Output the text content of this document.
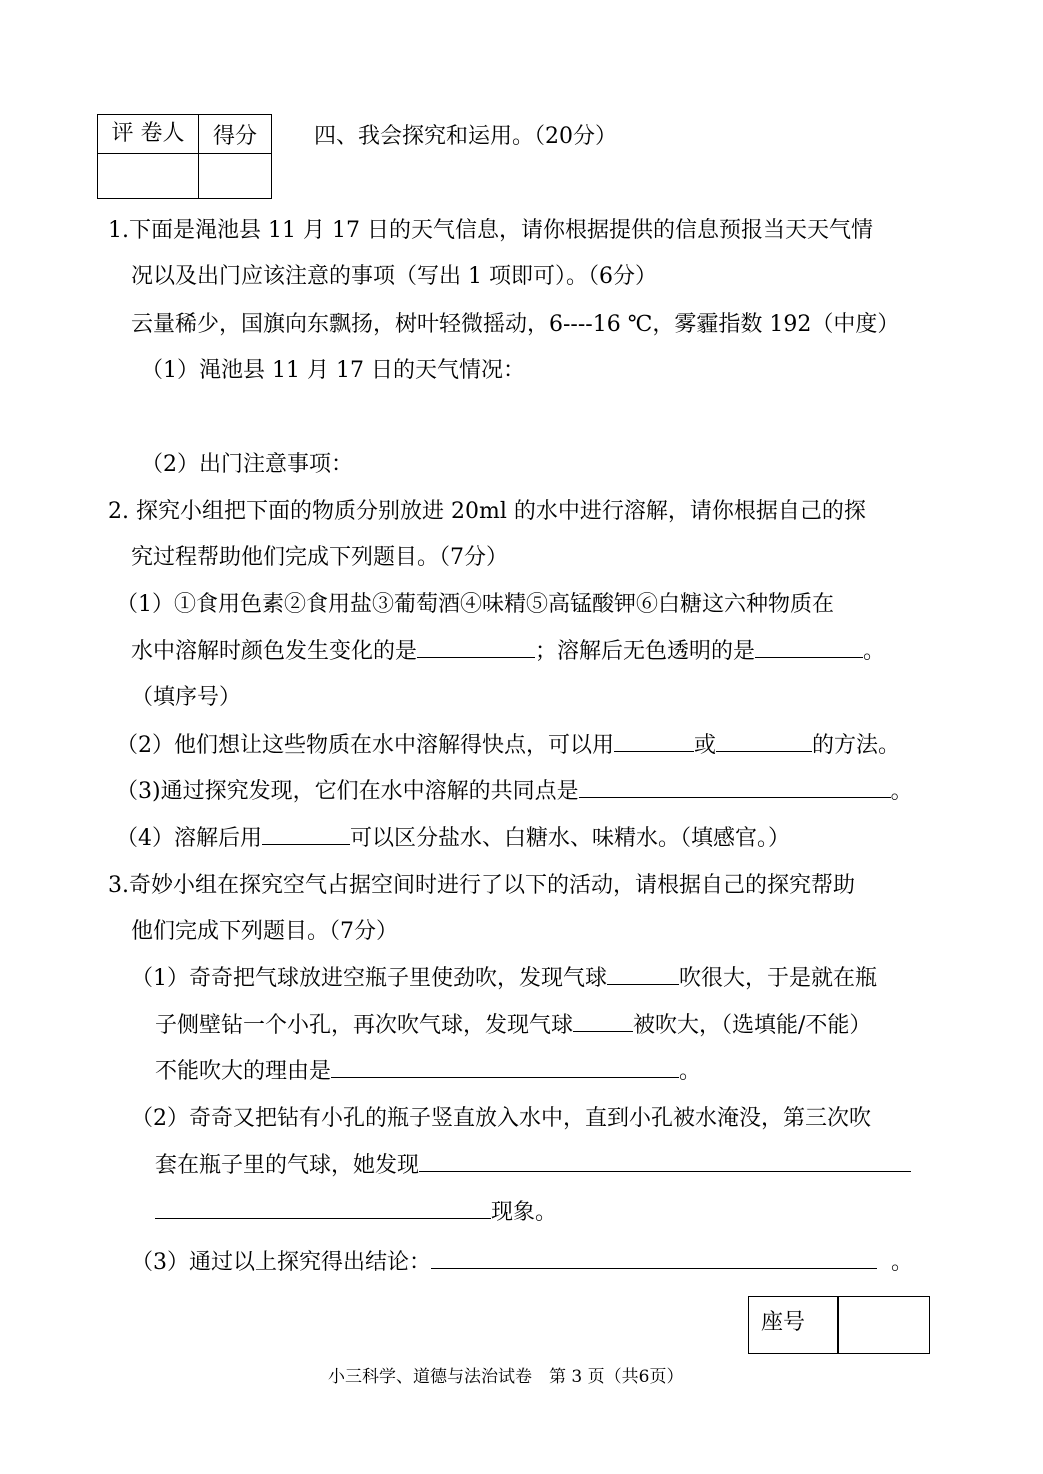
评 卷人	得分
		四、我会探究和运用。（20分）
1.下面是渑池县 11 月 17 日的天气信息，请你根据提供的信息预报当天天气情
况以及出门应该注意的事项（写出 1 项即可）。（6分）
云量稀少，国旗向东飘扬，树叶轻微摇动，6----16 ℃，雾霾指数 192（中度）
（1）渑池县 11 月 17 日的天气情况：
（2）出门注意事项：
2. 探究小组把下面的物质分别放进 20ml 的水中进行溶解，请你根据自己的探
究过程帮助他们完成下列题目。（7分）
（1）①食用色素②食用盐③葡萄酒④味精⑤高锰酸钾⑥白糖这六种物质在
水中溶解时颜色发生变化的是	；溶解后无色透明的是	。
（填序号）
（2）他们想让这些物质在水中溶解得快点，可以用	或	的方法。
（3)通过探究发现，它们在水中溶解的共同点是	。
（4）溶解后用	可以区分盐水、白糖水、味精水。（填感官。）
3.奇妙小组在探究空气占据空间时进行了以下的活动，请根据自己的探究帮助
他们完成下列题目。（7分）
（1）奇奇把气球放进空瓶子里使劲吹，发现气球	吹很大，于是就在瓶
子侧壁钻一个小孔，再次吹气球，发现气球	被吹大，（选填能/不能）
不能吹大的理由是	。
（2）奇奇又把钻有小孔的瓶子竖直放入水中，直到小孔被水淹没，第三次吹
套在瓶子里的气球，她发现
现象。
（3）通过以上探究得出结论：	。
座号
小三科学、道德与法治试卷　第 3 页（共6页）
